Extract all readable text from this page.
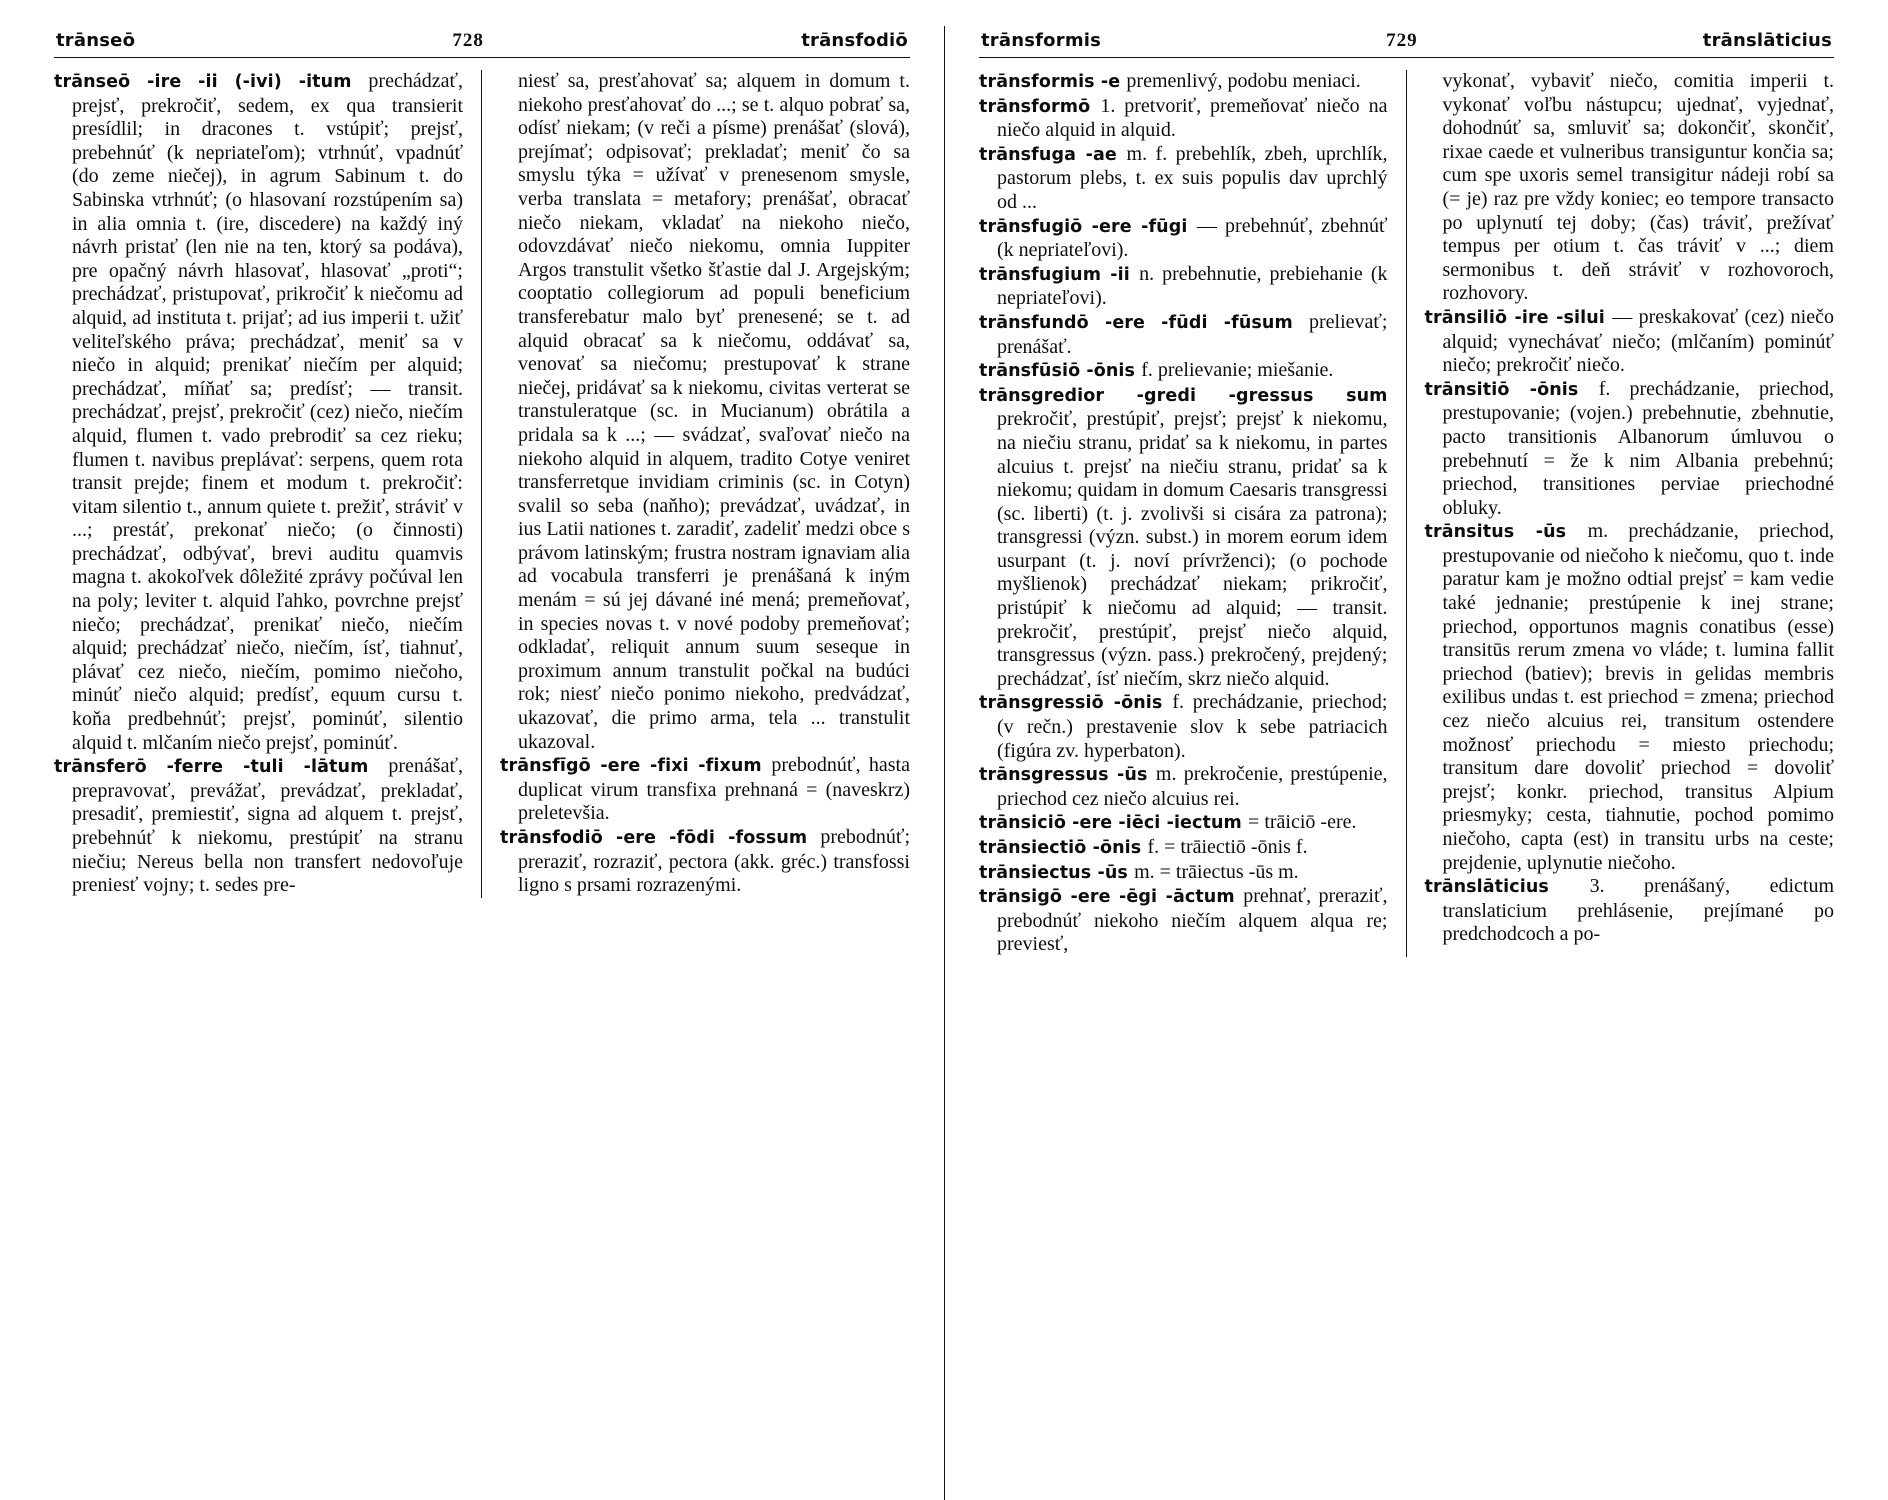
trānseō	728	trānsfodiō

trānseō -ire -ii (-ivi) -itum prechádzať, prejsť, prekročiť, sedem, ex qua transierit presídlil; in dracones t. vstúpiť; prejsť, prebehnúť (k nepriateľom); vtrhnúť, vpadnúť (do zeme niečej), in agrum Sabinum t. do Sabinska vtrhnúť; (o hlasovaní rozstúpením sa) in alia omnia t. (ire, discedere) na každý iný návrh pristať (len nie na ten, ktorý sa podáva), pre opačný návrh hlasovať, hlasovať „proti“; prechádzať, pristupovať, prikročiť k niečomu ad alquid, ad instituta t. prijať; ad ius imperii t. užiť veliteľského práva; prechádzať, meniť sa v niečo in alquid; prenikať niečím per alquid; prechádzať, míňať sa; predísť; — transit. prechádzať, prejsť, prekročiť (cez) niečo, niečím alquid, flumen t. vado prebrodiť sa cez rieku; flumen t. navibus preplávať: serpens, quem rota transit prejde; finem et modum t. prekročiť: vitam silentio t., annum quiete t. prežiť, stráviť v ...; prestáť, prekonať niečo; (o činnosti) prechádzať, odbývať, brevi auditu quamvis magna t. akokoľvek dôležité zprávy počúval len na poly; leviter t. alquid ľahko, povrchne prejsť niečo; prechádzať, prenikať niečo, niečím alquid; prechádzať niečo, niečím, ísť, tiahnuť, plávať cez niečo, niečím, pomimo niečoho, minúť niečo alquid; predísť, equum cursu t. koňa predbehnúť; prejsť, pominúť, silentio alquid t. mlčaním niečo prejsť, pominúť.

trānsferō -ferre -tuli -lātum prenášať, prepravovať, prevážať, prevádzať, prekladať, presadiť, premiestiť, signa ad alquem t. prejsť, prebehnúť k niekomu, prestúpiť na stranu niečiu; Nereus bella non transfert nedovoľuje preniesť vojny; t. sedes pre-

niesť sa, presťahovať sa; alquem in domum t. niekoho presťahovať do ...; se t. alquo pobrať sa, odísť niekam; (v reči a písme) prenášať (slová), prejímať; odpisovať; prekladať; meniť čo sa smyslu týka = užívať v prenesenom smysle, verba translata = metafory; prenášať, obracať niečo niekam, vkladať na niekoho niečo, odovzdávať niečo niekomu, omnia Iuppiter Argos transtulit všetko šťastie dal J. Argejským; cooptatio collegiorum ad populi beneficium transferebatur malo byť prenesené; se t. ad alquid obracať sa k niečomu, oddávať sa, venovať sa niečomu; prestupovať k strane niečej, pridávať sa k niekomu, civitas verterat se transtuleratque (sc. in Mucianum) obrátila a pridala sa k ...; — svádzať, svaľovať niečo na niekoho alquid in alquem, tradito Cotye veniret transferretque invidiam criminis (sc. in Cotyn) svalil so seba (naňho); prevádzať, uvádzať, in ius Latii nationes t. zaradiť, zadeliť medzi obce s právom latinským; frustra nostram ignaviam alia ad vocabula transferri je prenášaná k iným menám = sú jej dávané iné mená; premeňovať, in species novas t. v nové podoby premeňovať; odkladať, reliquit annum suum seseque in proximum annum transtulit počkal na budúci rok; niesť niečo ponimo niekoho, predvádzať, ukazovať, die primo arma, tela ... transtulit ukazoval.

trānsfīgō -ere -fixi -fixum prebodnúť, hasta duplicat virum transfixa prehnaná = (naveskrz) preletevšia.

trānsfodiō -ere -fōdi -fossum prebodnúť; preraziť, rozraziť, pectora (akk. gréc.) transfossi ligno s prsami rozrazenými.

trānsformis	729	trānslāticius

trānsformis -e premenlivý, podobu meniaci.

trānsformō 1. pretvoriť, premeňovať niečo na niečo alquid in alquid.

trānsfuga -ae m. f. prebehlík, zbeh, uprchlík, pastorum plebs, t. ex suis populis dav uprchlý od ...

trānsfugiō -ere -fūgi — prebehnúť, zbehnúť (k nepriateľovi).

trānsfugium -ii n. prebehnutie, prebiehanie (k nepriateľovi).

trānsfundō -ere -fūdi -fūsum prelievať; prenášať.

trānsfūsiō -ōnis f. prelievanie; miešanie.

trānsgredior -gredi -gressus sum prekročiť, prestúpiť, prejsť; prejsť k niekomu, na niečiu stranu, pridať sa k niekomu, in partes alcuius t. prejsť na niečiu stranu, pridať sa k niekomu; quidam in domum Caesaris transgressi (sc. liberti) (t. j. zvolivši si cisára za patrona); transgressi (význ. subst.) in morem eorum idem usurpant (t. j. noví prívrženci); (o pochode myšlienok) prechádzať niekam; prikročiť, pristúpiť k niečomu ad alquid; — transit. prekročiť, prestúpiť, prejsť niečo alquid, transgressus (význ. pass.) prekročený, prejdený; prechádzať, ísť niečím, skrz niečo alquid.

trānsgressiō -ōnis f. prechádzanie, priechod; (v rečn.) prestavenie slov k sebe patriacich (figúra zv. hyperbaton).

trānsgressus -ūs m. prekročenie, prestúpenie, priechod cez niečo alcuius rei.

trānsiciō -ere -iēci -iectum = trāiciō -ere.

trānsiectiō -ōnis f. = trāiectiō -ōnis f.

trānsiectus -ūs m. = trāiectus -ūs m.

trānsigō -ere -ēgi -āctum prehnať, preraziť, prebodnúť niekoho niečím alquem alqua re; previesť,

vykonať, vybaviť niečo, comitia imperii t. vykonať voľbu nástupcu; ujednať, vyjednať, dohodnúť sa, smluviť sa; dokončiť, skončiť, rixae caede et vulneribus transiguntur končia sa; cum spe uxoris semel transigitur nádeji robí sa (= je) raz pre vždy koniec; eo tempore transacto po uplynutí tej doby; (čas) tráviť, prežívať tempus per otium t. čas tráviť v ...; diem sermonibus t. deň stráviť v rozhovoroch, rozhovory.

trānsiliō -ire -silui — preskakovať (cez) niečo alquid; vynechávať niečo; (mlčaním) pominúť niečo; prekročiť niečo.

trānsitiō -ōnis f. prechádzanie, priechod, prestupovanie; (vojen.) prebehnutie, zbehnutie, pacto transitionis Albanorum úmluvou o prebehnutí = že k nim Albania prebehnú; priechod, transitiones perviae priechodné obluky.

trānsitus -ūs m. prechádzanie, priechod, prestupovanie od niečoho k niečomu, quo t. inde paratur kam je možno odtial prejsť = kam vedie také jednanie; prestúpenie k inej strane; priechod, opportunos magnis conatibus (esse) transitūs rerum zmena vo vláde; t. lumina fallit priechod (batiev); brevis in gelidas membris exilibus undas t. est priechod = zmena; priechod cez niečo alcuius rei, transitum ostendere možnosť priechodu = miesto priechodu; transitum dare dovoliť priechod = dovoliť prejsť; konkr. priechod, transitus Alpium priesmyky; cesta, tiahnutie, pochod pomimo niečoho, capta (est) in transitu urbs na ceste; prejdenie, uplynutie niečoho.

trānslāticius 3. prenášaný, edictum translaticium prehlásenie, prejímané po predchodcoch a po-
